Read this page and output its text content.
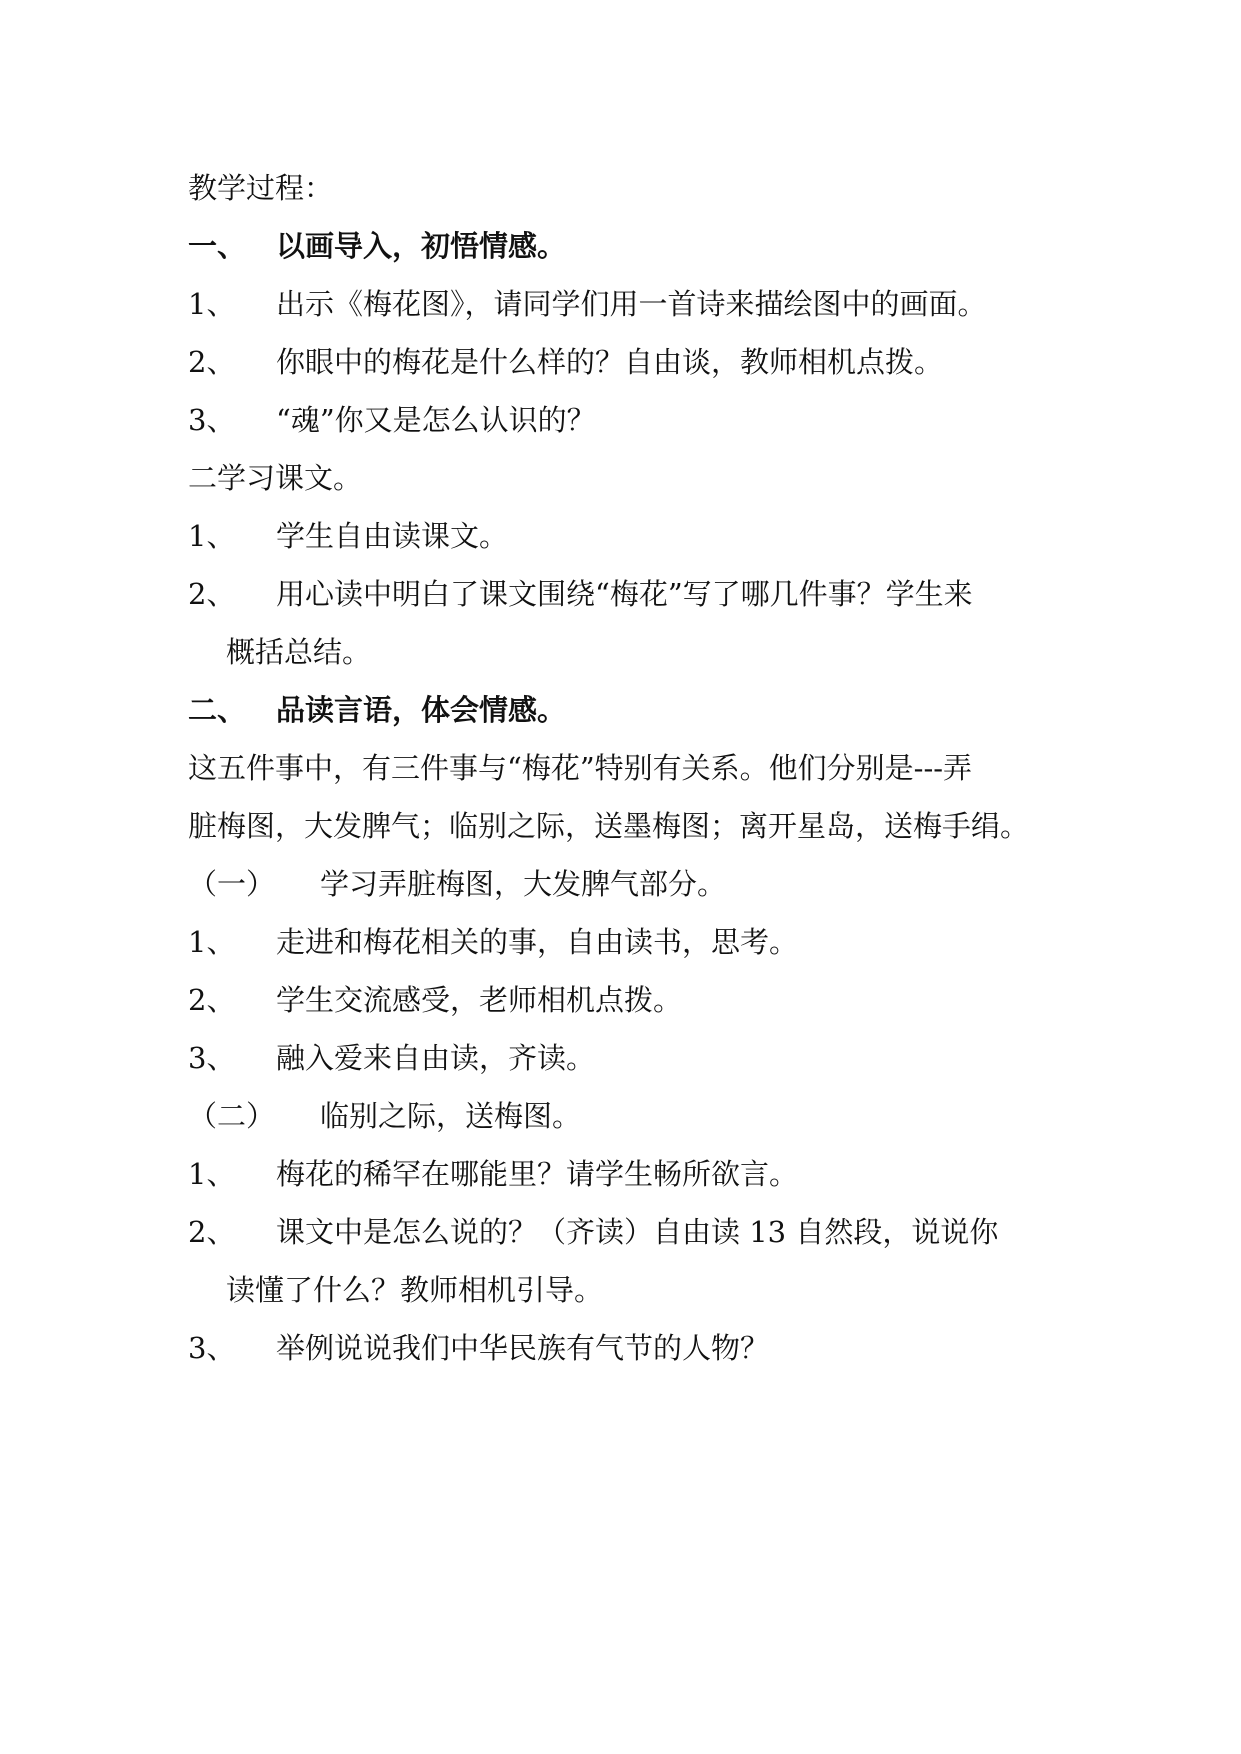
教学过程：
一、 以画导入，初悟情感。
1、 出示《梅花图》，请同学们用一首诗来描绘图中的画面。
2、 你眼中的梅花是什么样的？自由谈，教师相机点拨。
3、 “魂”你又是怎么认识的？
二学习课文。
1、 学生自由读课文。
2、 用心读中明白了课文围绕“梅花”写了哪几件事？学生来
概括总结。
二、 品读言语，体会情感。
这五件事中，有三件事与“梅花”特别有关系。他们分别是---弄
脏梅图，大发脾气；临别之际，送墨梅图；离开星岛，送梅手绢。
（一） 学习弄脏梅图，大发脾气部分。
1、 走进和梅花相关的事，自由读书，思考。
2、 学生交流感受，老师相机点拨。
3、 融入爱来自由读，齐读。
（二） 临别之际，送梅图。
1、 梅花的稀罕在哪能里？请学生畅所欲言。
2、 课文中是怎么说的？（齐读）自由读 13 自然段，说说你
读懂了什么？教师相机引导。
3、 举例说说我们中华民族有气节的人物？
